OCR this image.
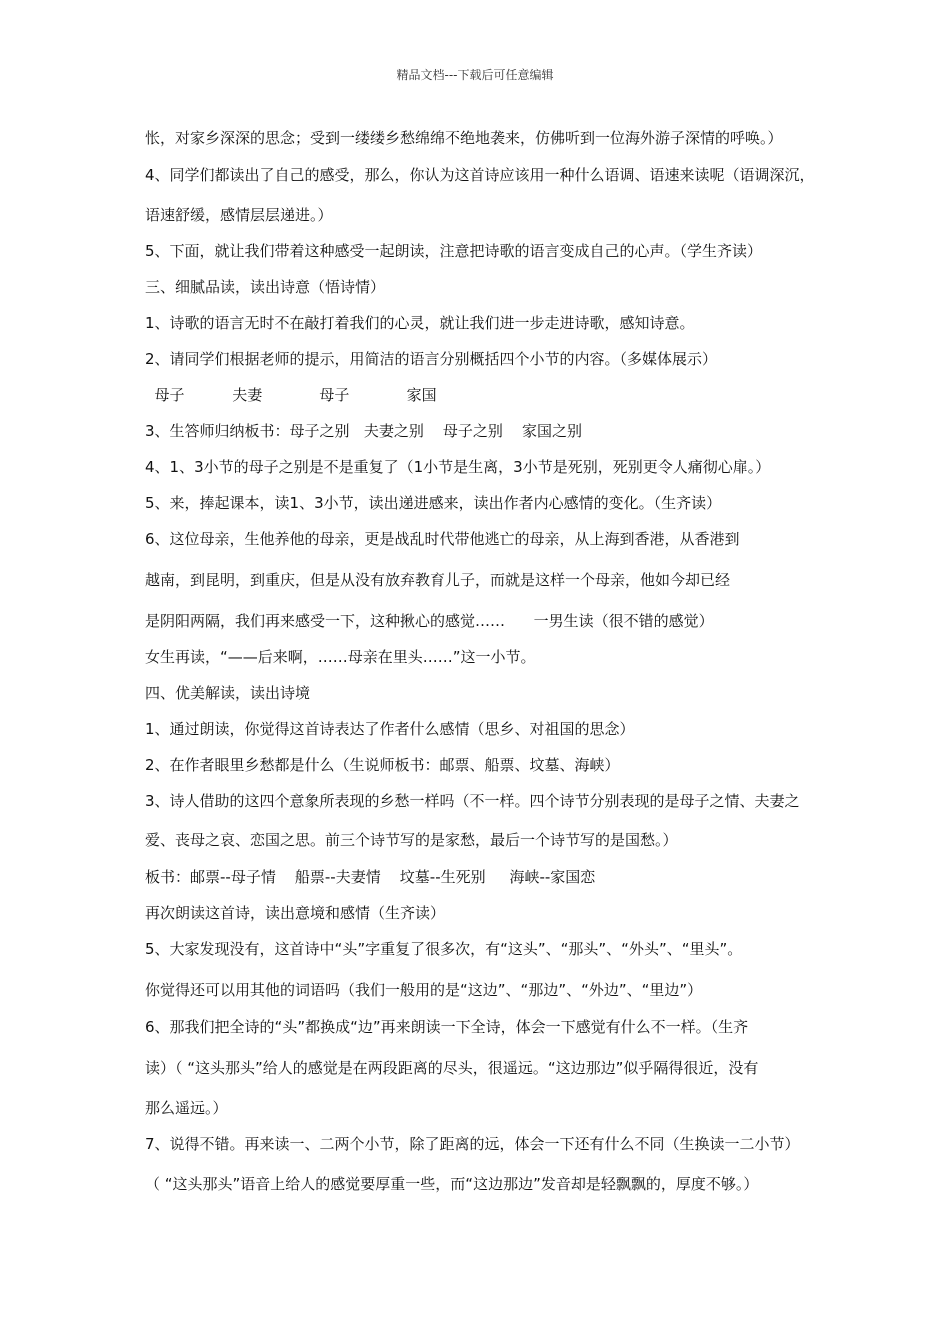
精品文档---下载后可任意编辑
怅，对家乡深深的思念；受到一缕缕乡愁绵绵不绝地袭来，仿佛听到一位海外游子深情的呼唤。）
4、同学们都读出了自己的感受，那么，你认为这首诗应该用一种什么语调、语速来读呢（语调深沉，
语速舒缓，感情层层递进。）
5、下面，就让我们带着这种感受一起朗读，注意把诗歌的语言变成自己的心声。（学生齐读）
三、细腻品读，读出诗意（悟诗情）
1、诗歌的语言无时不在敲打着我们的心灵，就让我们进一步走进诗歌，感知诗意。
2、请同学们根据老师的提示，用简洁的语言分别概括四个小节的内容。（多媒体展示）
母子          夫妻            母子            家国
3、生答师归纳板书：母子之别   夫妻之别    母子之别    家国之别
4、1、3小节的母子之别是不是重复了（1小节是生离，3小节是死别，死别更令人痛彻心扉。）
5、来，捧起课本，读1、3小节，读出递进感来，读出作者内心感情的变化。（生齐读）
6、这位母亲，生他养他的母亲，更是战乱时代带他逃亡的母亲，从上海到香港，从香港到
越南，到昆明，到重庆，但是从没有放弃教育儿子，而就是这样一个母亲，他如今却已经
是阴阳两隔，我们再来感受一下，这种揪心的感觉……      一男生读（很不错的感觉）
女生再读，“——后来啊，……母亲在里头……”这一小节。
四、优美解读，读出诗境
1、通过朗读，你觉得这首诗表达了作者什么感情（思乡、对祖国的思念）
2、在作者眼里乡愁都是什么（生说师板书：邮票、船票、坟墓、海峡）
3、诗人借助的这四个意象所表现的乡愁一样吗（不一样。四个诗节分别表现的是母子之情、夫妻之
爱、丧母之哀、恋国之思。前三个诗节写的是家愁，最后一个诗节写的是国愁。）
板书：邮票--母子情    船票--夫妻情    坟墓--生死别     海峡--家国恋
再次朗读这首诗，读出意境和感情（生齐读）
5、大家发现没有，这首诗中“头”字重复了很多次，有“这头”、“那头”、“外头”、“里头”。
你觉得还可以用其他的词语吗（我们一般用的是“这边”、“那边”、“外边”、“里边”）
6、那我们把全诗的“头”都换成“边”再来朗读一下全诗，体会一下感觉有什么不一样。（生齐
读）（ “这头那头”给人的感觉是在两段距离的尽头，很遥远。“这边那边”似乎隔得很近，没有
那么遥远。）
7、说得不错。再来读一、二两个小节，除了距离的远，体会一下还有什么不同（生换读一二小节）
（ “这头那头”语音上给人的感觉要厚重一些，而“这边那边”发音却是轻飘飘的，厚度不够。）
